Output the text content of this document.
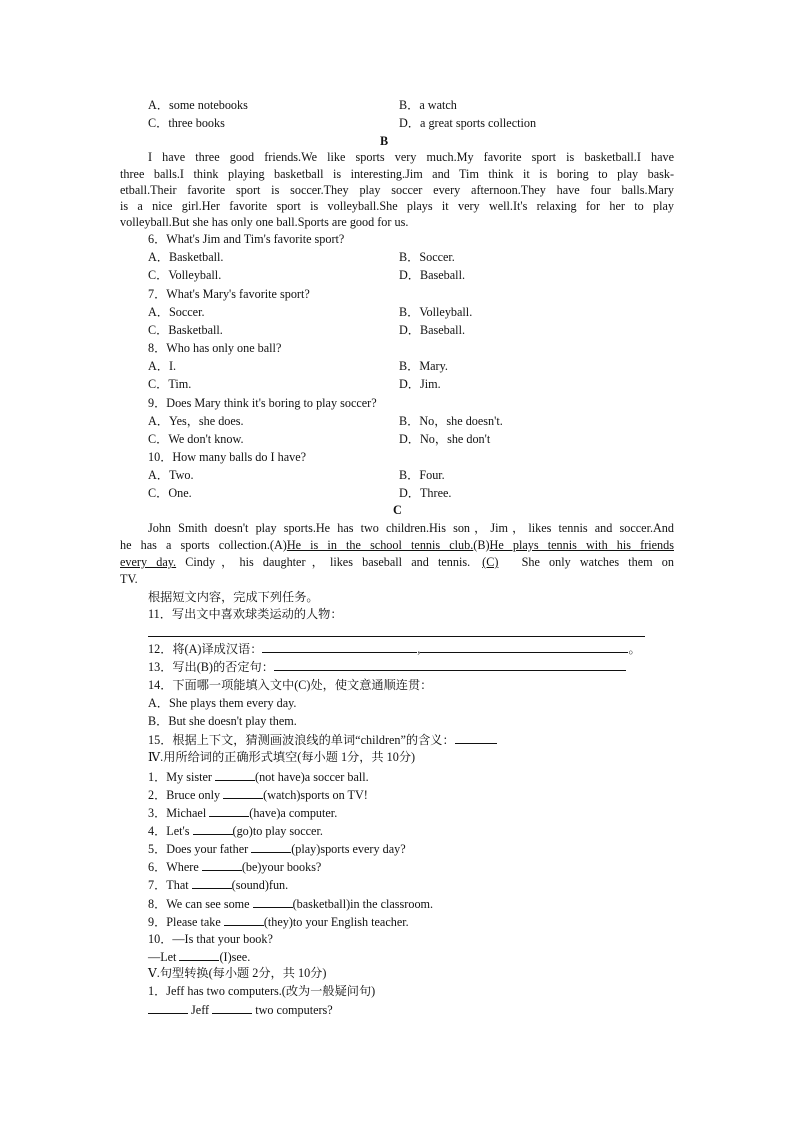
A．some notebooks	B．a watch
C．three books	D．a great sports collection
B
I have three good friends.We like sports very much.My favorite sport is basketball.I have
three balls.I think playing basketball is interesting.Jim and Tim think it is boring to play bask-
etball.Their favorite sport is soccer.They play soccer every afternoon.They have four balls.Mary
is a nice girl.Her favorite sport is volleyball.She plays it very well.It's relaxing for her to play
volleyball.But she has only one ball.Sports are good for us.
6．What's Jim and Tim's favorite sport?
A．Basketball.	B．Soccer.
C．Volleyball.	D．Baseball.
7．What's Mary's favorite sport?
A．Soccer.	B．Volleyball.
C．Basketball.	D．Baseball.
8．Who has only one ball?
A．I.	B．Mary.
C．Tim.	D．Jim.
9．Does Mary think it's boring to play soccer?
A．Yes，she does.	B．No，she doesn't.
C．We don't know.	D．No，she don't
10．How many balls do I have?
A．Two.	B．Four.
C．One.	D．Three.
C
John Smith doesn't play sports.He has two children.His son，Jim，likes tennis and soccer.And
he has a sports collection.(A)He is in the school tennis club.(B)He plays tennis with his friends
every day. Cindy，his daughter，likes baseball and tennis. (C) She only watches them on
TV.
根据短文内容，完成下列任务。
11．写出文中喜欢球类运动的人物：
12．将(A)译成汉语：	,	。
13．写出(B)的否定句：
14．下面哪一项能填入文中(C)处，使文意通顺连贯：
A．She plays them every day.
B．But she doesn't play them.
15．根据上下文，猜测画波浪线的单词“children”的含义：
Ⅳ.用所给词的正确形式填空(每小题 1分，共 10分)
1．My sister	(not have)a soccer ball.
2．Bruce only	(watch)sports on TV!
3．Michael	(have)a computer.
4．Let's	(go)to play soccer.
5．Does your father	(play)sports every day?
6．Where	(be)your books?
7．That	(sound)fun.
8．We can see some	(basketball)in the classroom.
9．Please take	(they)to your English teacher.
10．—Is that your book?
—Let	(I)see.
Ⅴ.句型转换(每小题 2分，共 10分)
1．Jeff has two computers.(改为一般疑问句)
Jeff	two computers?
